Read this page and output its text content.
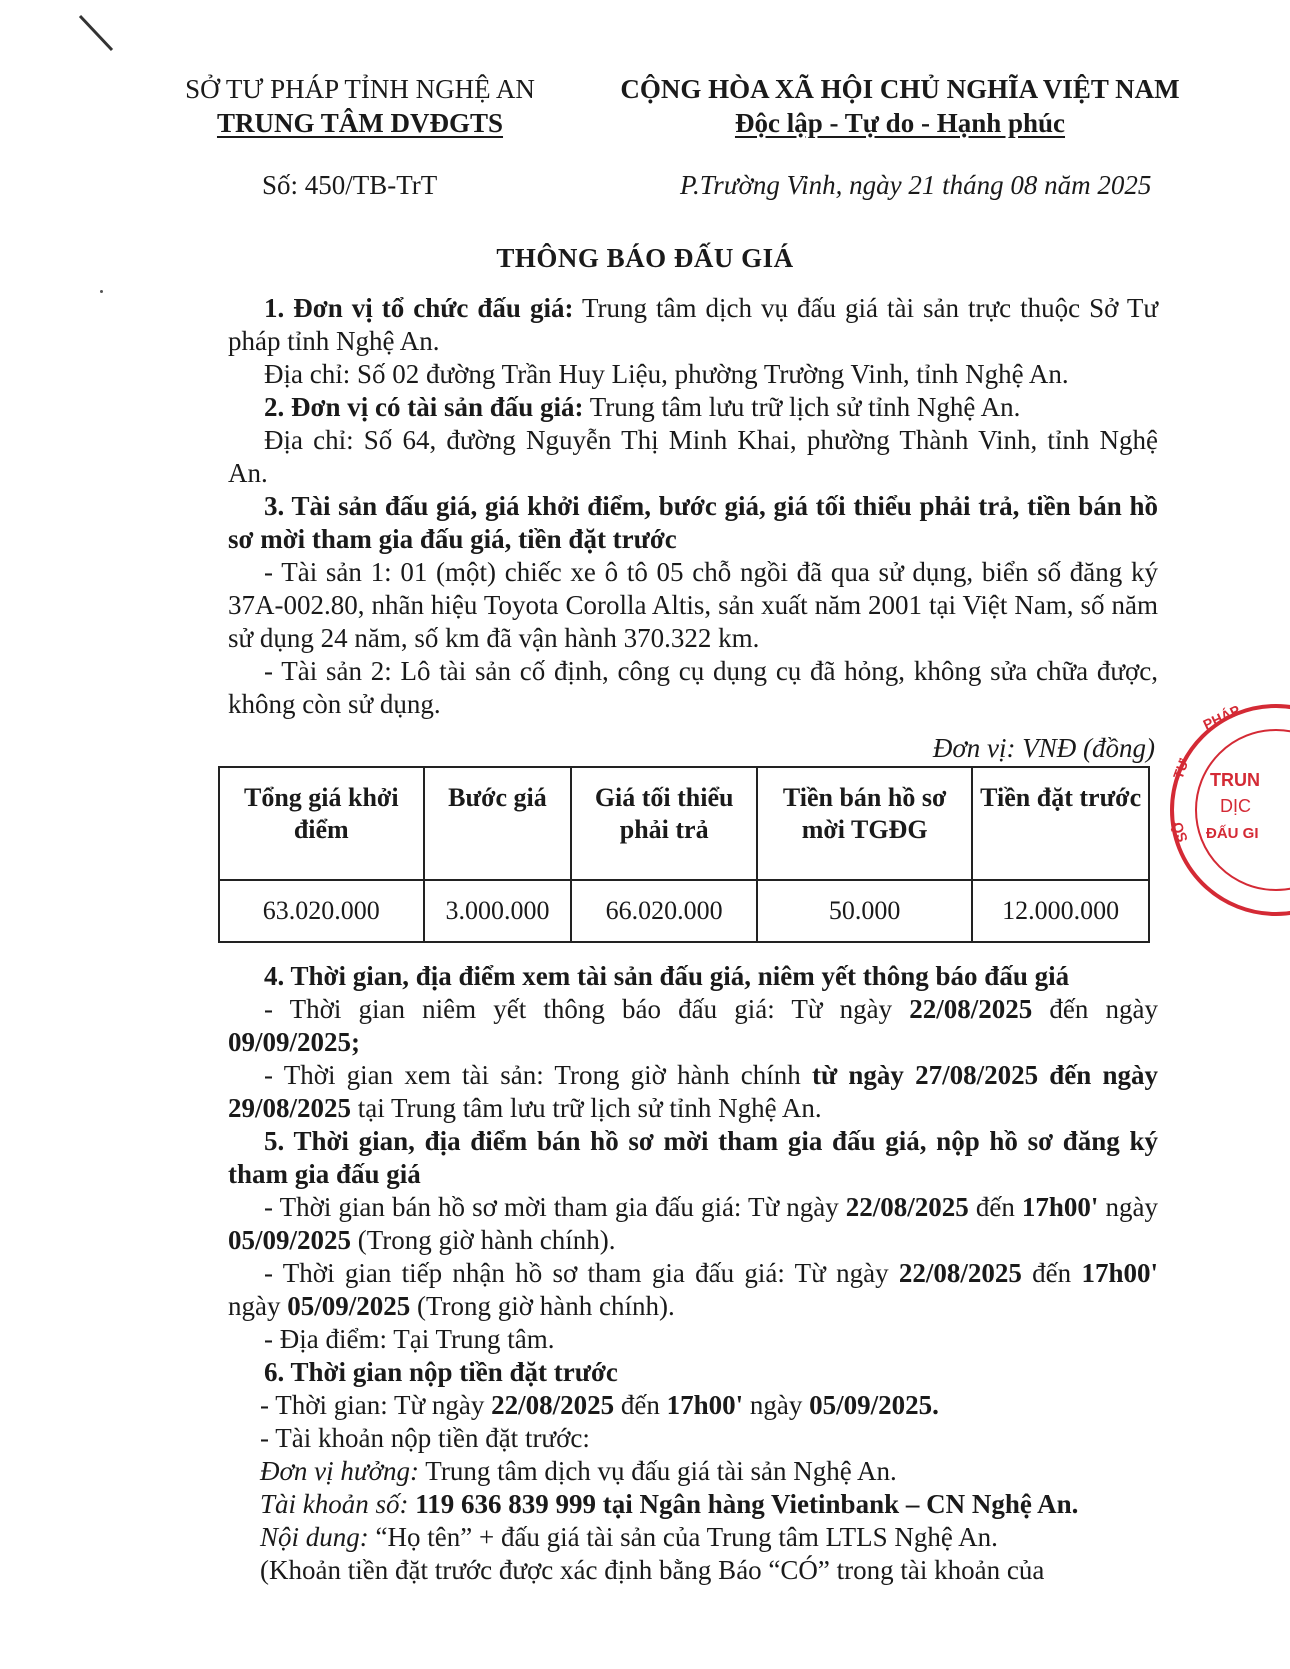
SỞ TƯ PHÁP TỈNH NGHỆ AN
TRUNG TÂM DVĐGTS
CỘNG HÒA XÃ HỘI CHỦ NGHĨA VIỆT NAM
Độc lập - Tự do - Hạnh phúc
Số: 450/TB-TrT	P.Trường Vinh, ngày 21 tháng 08 năm 2025
THÔNG BÁO ĐẤU GIÁ

1. Đơn vị tổ chức đấu giá: Trung tâm dịch vụ đấu giá tài sản trực thuộc Sở Tư pháp tỉnh Nghệ An.

Địa chỉ: Số 02 đường Trần Huy Liệu, phường Trường Vinh, tỉnh Nghệ An.

2. Đơn vị có tài sản đấu giá: Trung tâm lưu trữ lịch sử tỉnh Nghệ An.

Địa chỉ: Số 64, đường Nguyễn Thị Minh Khai, phường Thành Vinh, tỉnh Nghệ An.

3. Tài sản đấu giá, giá khởi điểm, bước giá, giá tối thiểu phải trả, tiền bán hồ sơ mời tham gia đấu giá, tiền đặt trước

- Tài sản 1: 01 (một) chiếc xe ô tô 05 chỗ ngồi đã qua sử dụng, biển số đăng ký 37A-002.80, nhãn hiệu Toyota Corolla Altis, sản xuất năm 2001 tại Việt Nam, số năm sử dụng 24 năm, số km đã vận hành 370.322 km.

- Tài sản 2: Lô tài sản cố định, công cụ dụng cụ đã hỏng, không sửa chữa được, không còn sử dụng.

Đơn vị: VNĐ (đồng)
Tổng giá khởi điểm	Bước giá	Giá tối thiểu phải trả	Tiền bán hồ sơ mời TGĐG	Tiền đặt trước
63.020.000	3.000.000	66.020.000	50.000	12.000.000
PHÁP
TƯ
SỞ
TRUN
DỊC
ĐẤU GI

4. Thời gian, địa điểm xem tài sản đấu giá, niêm yết thông báo đấu giá

- Thời gian niêm yết thông báo đấu giá: Từ ngày 22/08/2025 đến ngày 09/09/2025;

- Thời gian xem tài sản: Trong giờ hành chính từ ngày 27/08/2025 đến ngày 29/08/2025 tại Trung tâm lưu trữ lịch sử tỉnh Nghệ An.

5. Thời gian, địa điểm bán hồ sơ mời tham gia đấu giá, nộp hồ sơ đăng ký tham gia đấu giá

- Thời gian bán hồ sơ mời tham gia đấu giá: Từ ngày 22/08/2025 đến 17h00' ngày 05/09/2025 (Trong giờ hành chính).

- Thời gian tiếp nhận hồ sơ tham gia đấu giá: Từ ngày 22/08/2025 đến 17h00' ngày 05/09/2025 (Trong giờ hành chính).

- Địa điểm: Tại Trung tâm.

6. Thời gian nộp tiền đặt trước

- Thời gian: Từ ngày 22/08/2025 đến 17h00' ngày 05/09/2025.

- Tài khoản nộp tiền đặt trước:

Đơn vị hưởng: Trung tâm dịch vụ đấu giá tài sản Nghệ An.

Tài khoản số: 119 636 839 999 tại Ngân hàng Vietinbank – CN Nghệ An.

Nội dung: “Họ tên” + đấu giá tài sản của Trung tâm LTLS Nghệ An.

(Khoản tiền đặt trước được xác định bằng Báo “CÓ” trong tài khoản của
